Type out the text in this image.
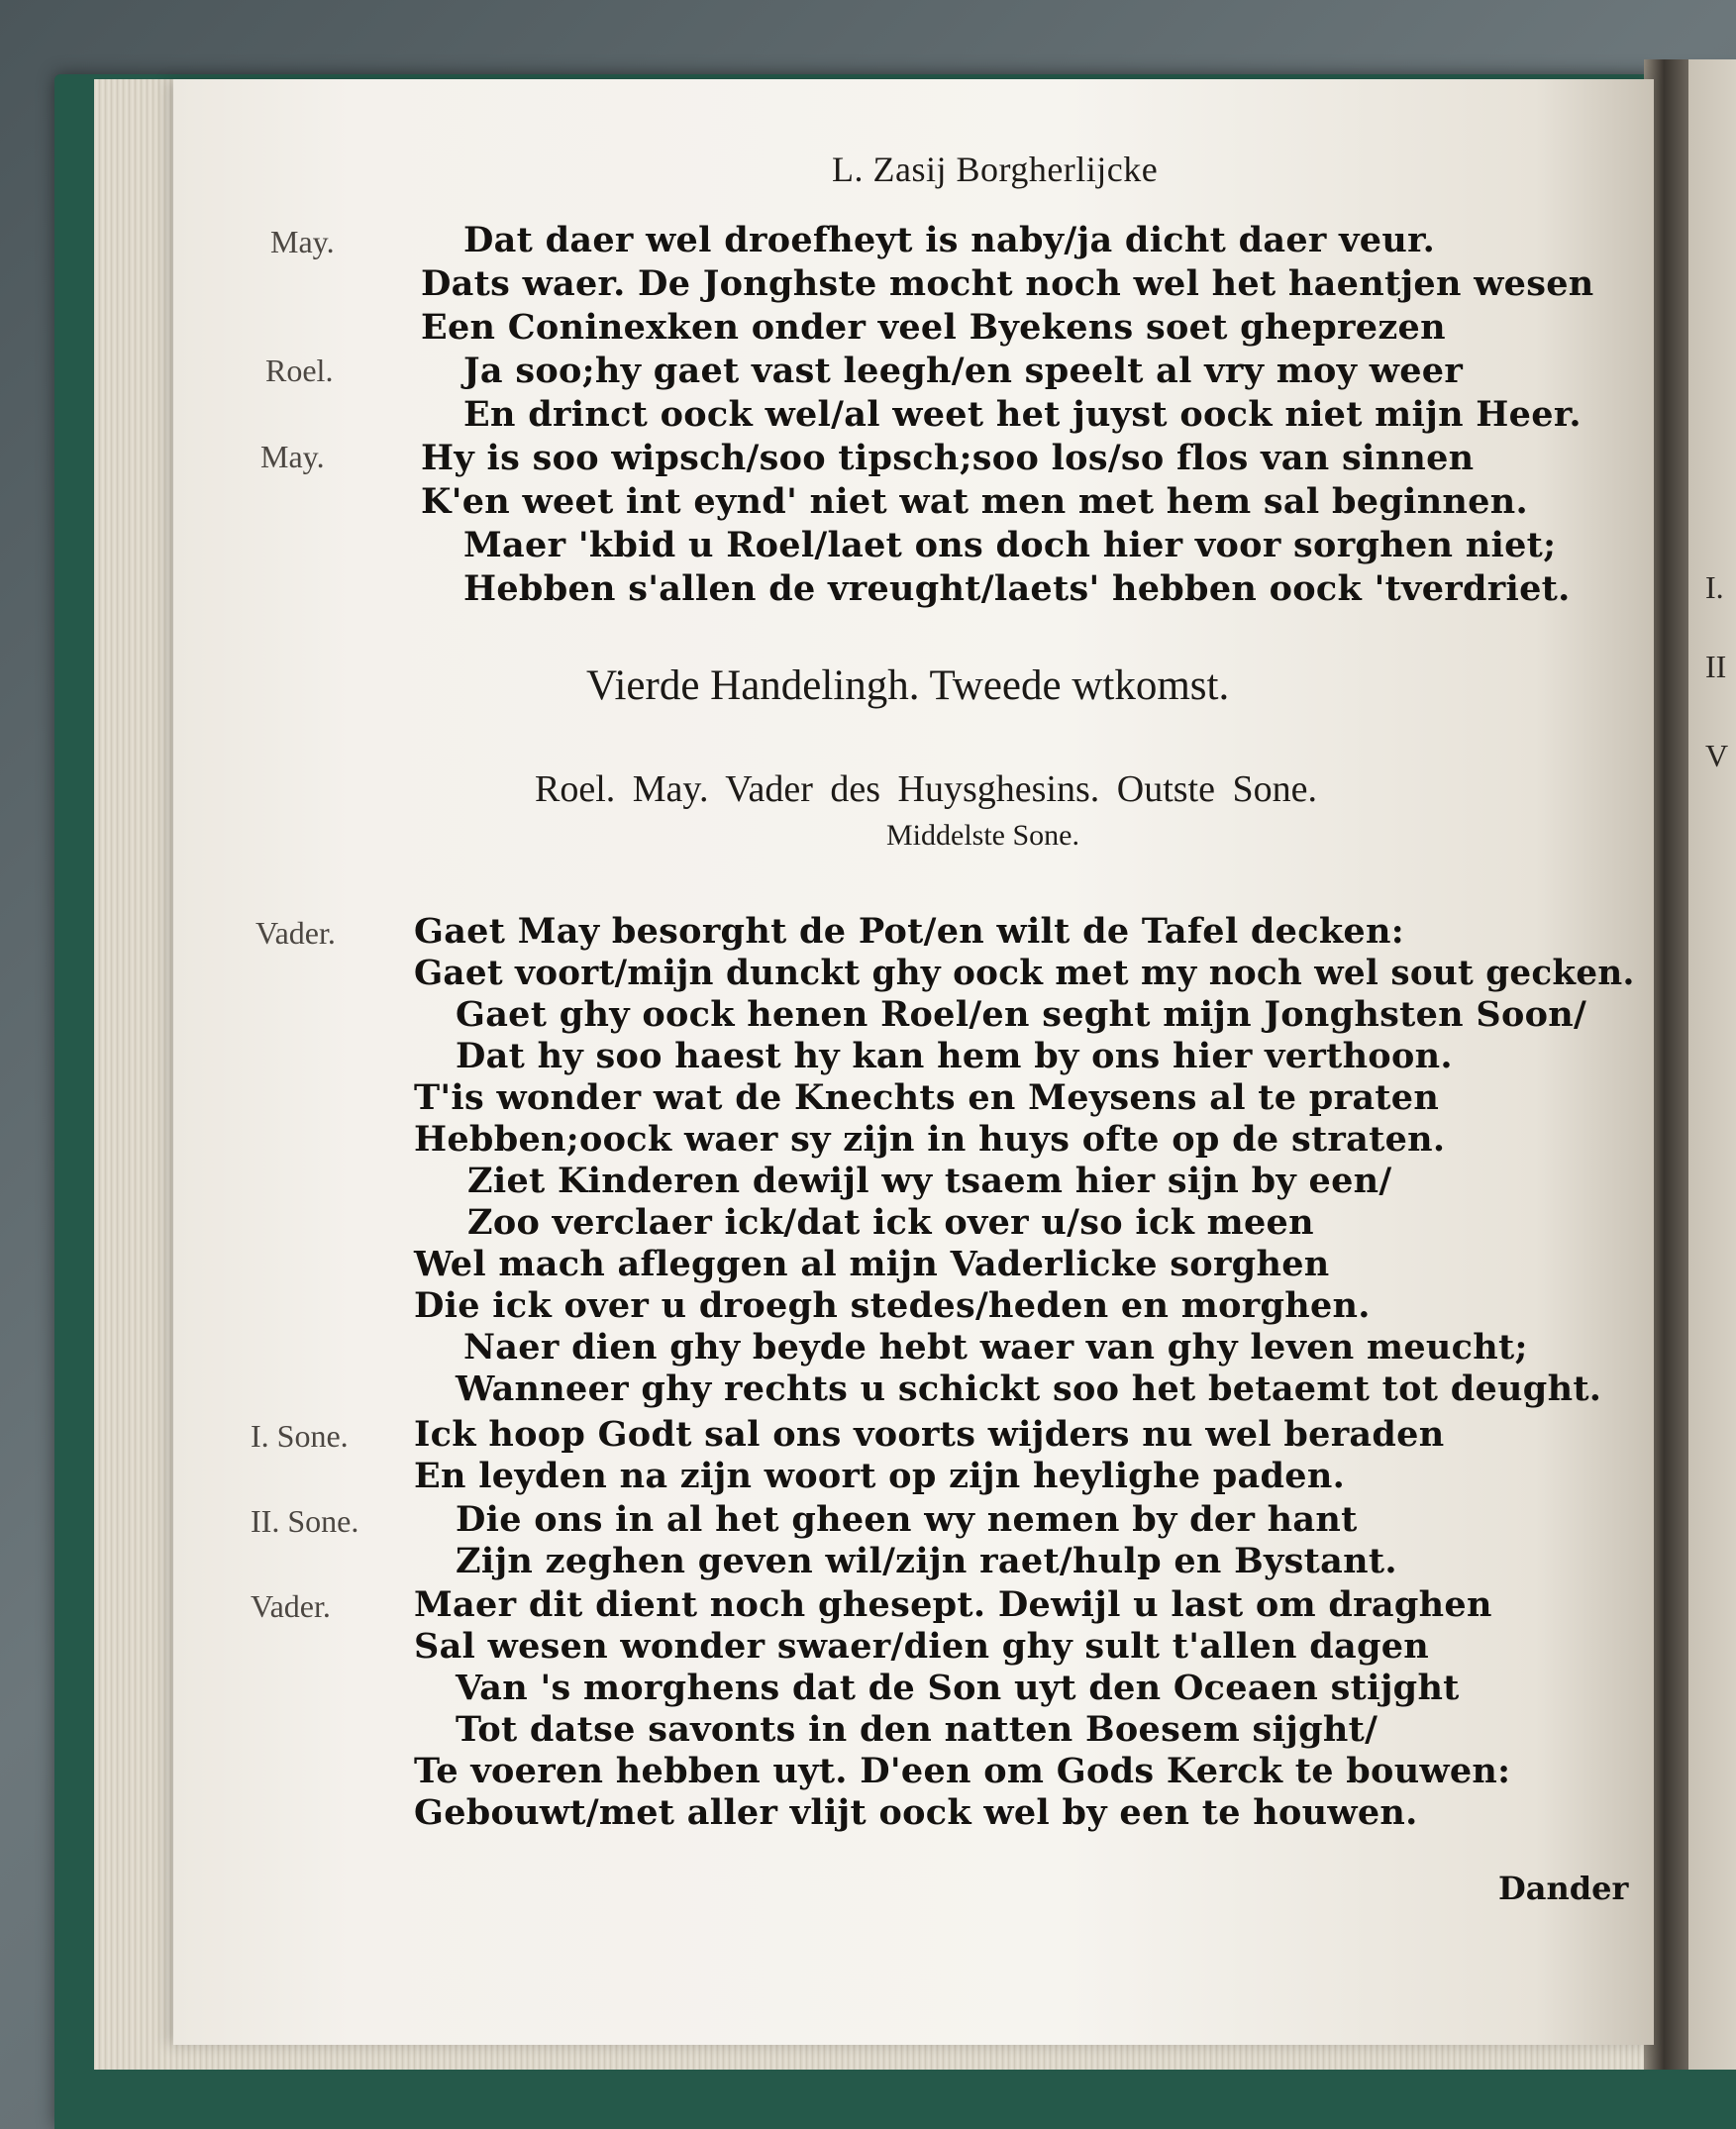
I.
II
V
L. Zasij Borgherlijcke
May.	Dat daer wel droefheyt is naby/ja dicht daer veur.
Dats waer. De Jonghste mocht noch wel het haentjen wesen
Een Coninexken onder veel Byekens soet gheprezen
Roel.	Ja soo;hy gaet vast leegh/en speelt al vry moy weer
En drinct oock wel/al weet het juyst oock niet mijn Heer.
May.	Hy is soo wipsch/soo tipsch;soo los/so flos van sinnen
K'en weet int eynd' niet wat men met hem sal beginnen.
Maer 'kbid u Roel/laet ons doch hier voor sorghen niet;
Hebben s'allen de vreught/laets' hebben oock 'tverdriet.
Vierde Handelingh. Tweede wtkomst.
Roel. May. Vader des Huysghesins. Outste Sone.
Middelste Sone.
Vader. Gaet May besorght de Pot/en wilt de Tafel decken:
Gaet voort/mijn dunckt ghy oock met my noch wel sout gecken.
Gaet ghy oock henen Roel/en seght mijn Jonghsten Soon/
Dat hy soo haest hy kan hem by ons hier verthoon.
T'is wonder wat de Knechts en Meysens al te praten
Hebben;oock waer sy zijn in huys ofte op de straten.
Ziet Kinderen dewijl wy tsaem hier sijn by een/
Zoo verclaer ick/dat ick over u/so ick meen
Wel mach afleggen al mijn Vaderlicke sorghen
Die ick over u droegh stedes/heden en morghen.
Naer dien ghy beyde hebt waer van ghy leven meucht;
Wanneer ghy rechts u schickt soo het betaemt tot deught.
I. Sone. Ick hoop Godt sal ons voorts wijders nu wel beraden
En leyden na zijn woort op zijn heylighe paden.
II. Sone.	Die ons in al het gheen wy nemen by der hant
Zijn zeghen geven wil/zijn raet/hulp en Bystant.
Vader. Maer dit dient noch ghesept. Dewijl u last om draghen
Sal wesen wonder swaer/dien ghy sult t'allen dagen
Van 's morghens dat de Son uyt den Oceaen stijght
Tot datse savonts in den natten Boesem sijght/
Te voeren hebben uyt. D'een om Gods Kerck te bouwen:
Gebouwt/met aller vlijt oock wel by een te houwen.
Dander
